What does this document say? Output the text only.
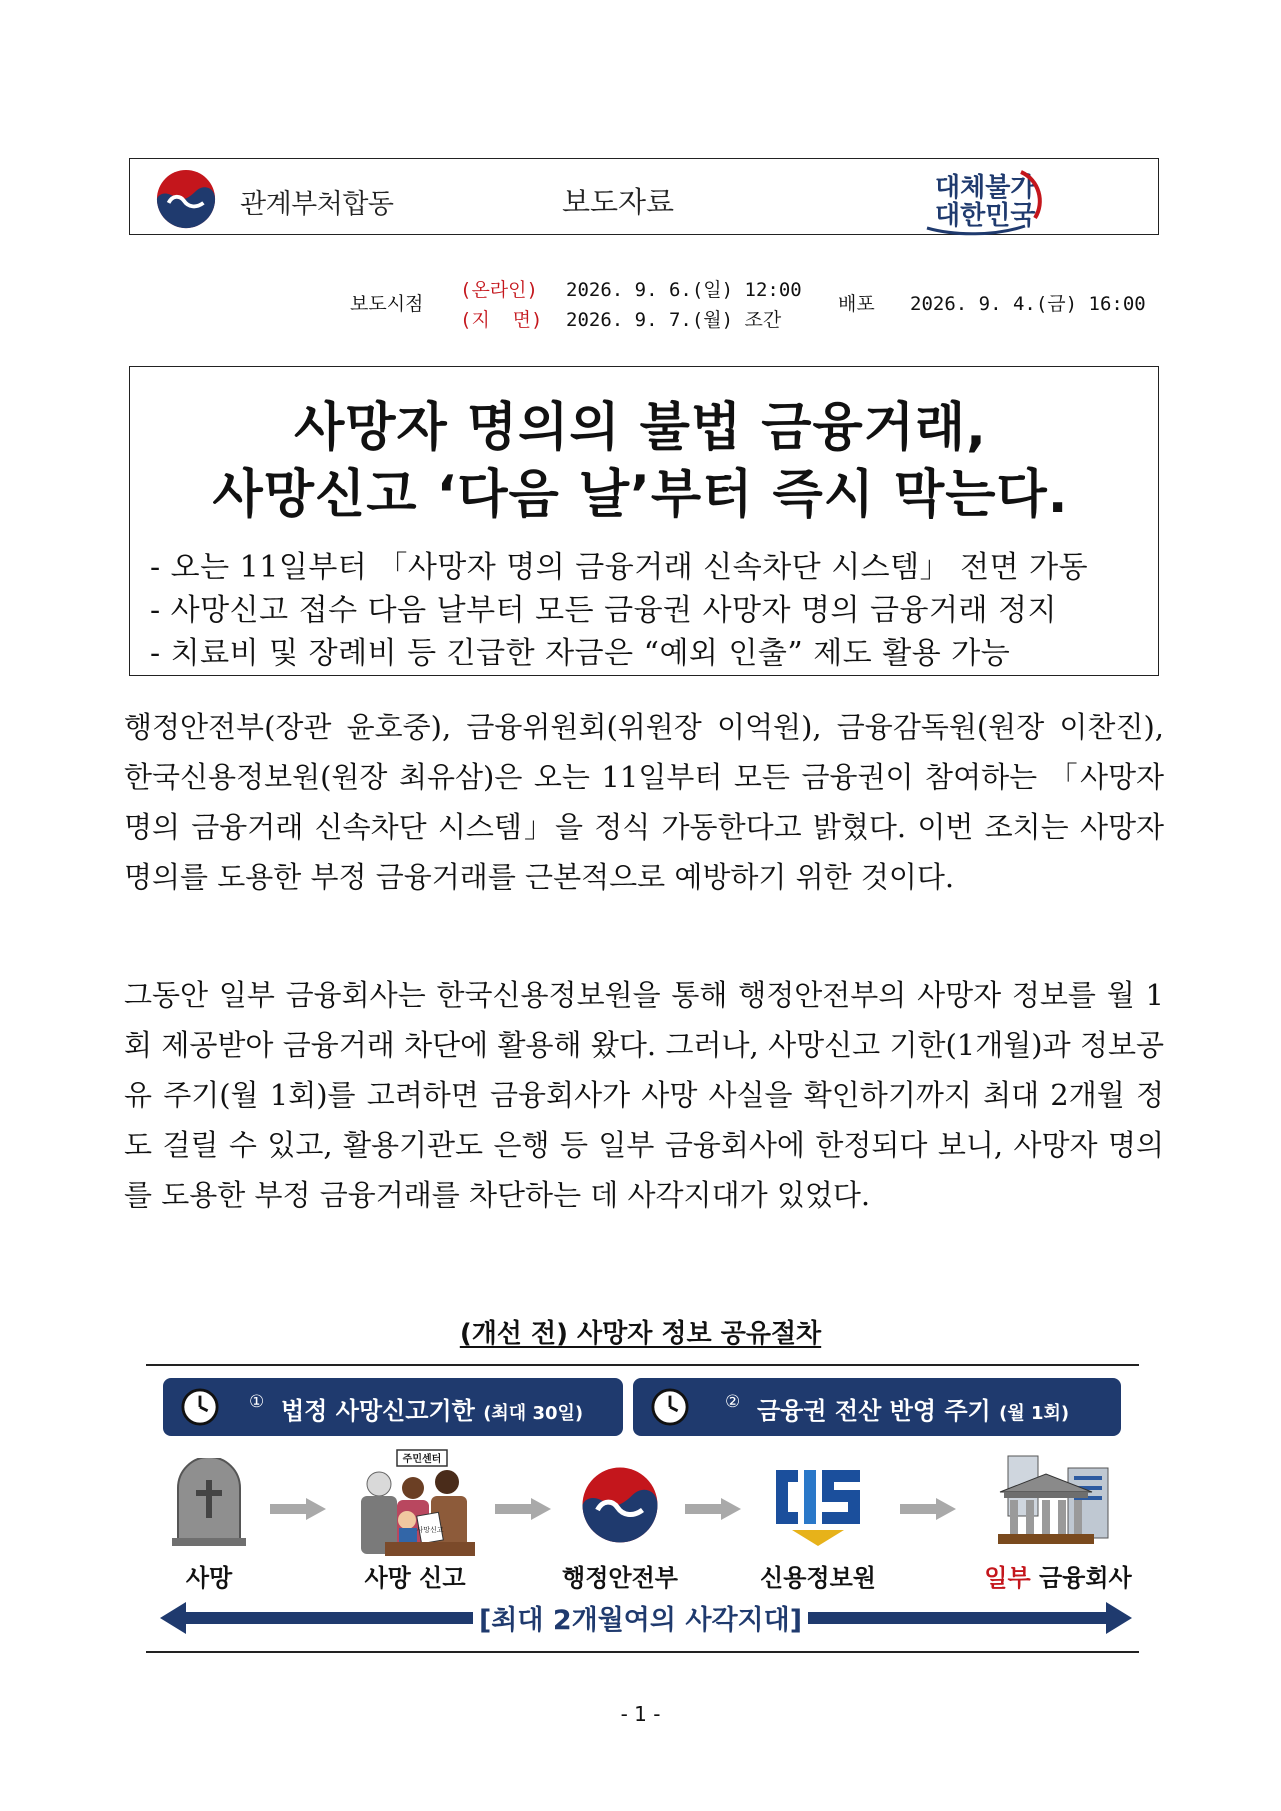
관계부처합동	보도자료	대체불가
대한민국
보도시점
(온라인) 2026. 9. 6.(일) 12:00
(지  면) 2026. 9. 7.(월) 조간
배포 2026. 9. 4.(금) 16:00
사망자 명의의 불법 금융거래,
사망신고 ‘다음 날’부터 즉시 막는다.
- 오는 11일부터 「사망자 명의 금융거래 신속차단 시스템」 전면 가동
- 사망신고 접수 다음 날부터 모든 금융권 사망자 명의 금융거래 정지
- 치료비 및 장례비 등 긴급한 자금은 “예외 인출” 제도 활용 가능
행정안전부(장관 윤호중), 금융위원회(위원장 이억원), 금융감독원(원장 이찬진), 한국신용정보원(원장 최유삼)은 오는 11일부터 모든 금융권이 참여하는 「사망자 명의 금융거래 신속차단 시스템」을 정식 가동한다고 밝혔다. 이번 조치는 사망자 명의를 도용한 부정 금융거래를 근본적으로 예방하기 위한 것이다.
그동안 일부 금융회사는 한국신용정보원을 통해 행정안전부의 사망자 정보를 월 1회 제공받아 금융거래 차단에 활용해 왔다. 그러나, 사망신고 기한(1개월)과 정보공유 주기(월 1회)를 고려하면 금융회사가 사망 사실을 확인하기까지 최대 2개월 정도 걸릴 수 있고, 활용기관도 은행 등 일부 금융회사에 한정되다 보니, 사망자 명의를 도용한 부정 금융거래를 차단하는 데 사각지대가 있었다.
(개선 전) 사망자 정보 공유절차
① 법정 사망신고기한 (최대 30일)
② 금융권 전산 반영 주기 (월 1회)
주민센터
사망신고
사망	사망 신고	행정안전부	신용정보원	일부 금융회사
[최대 2개월여의 사각지대]
- 1 -
